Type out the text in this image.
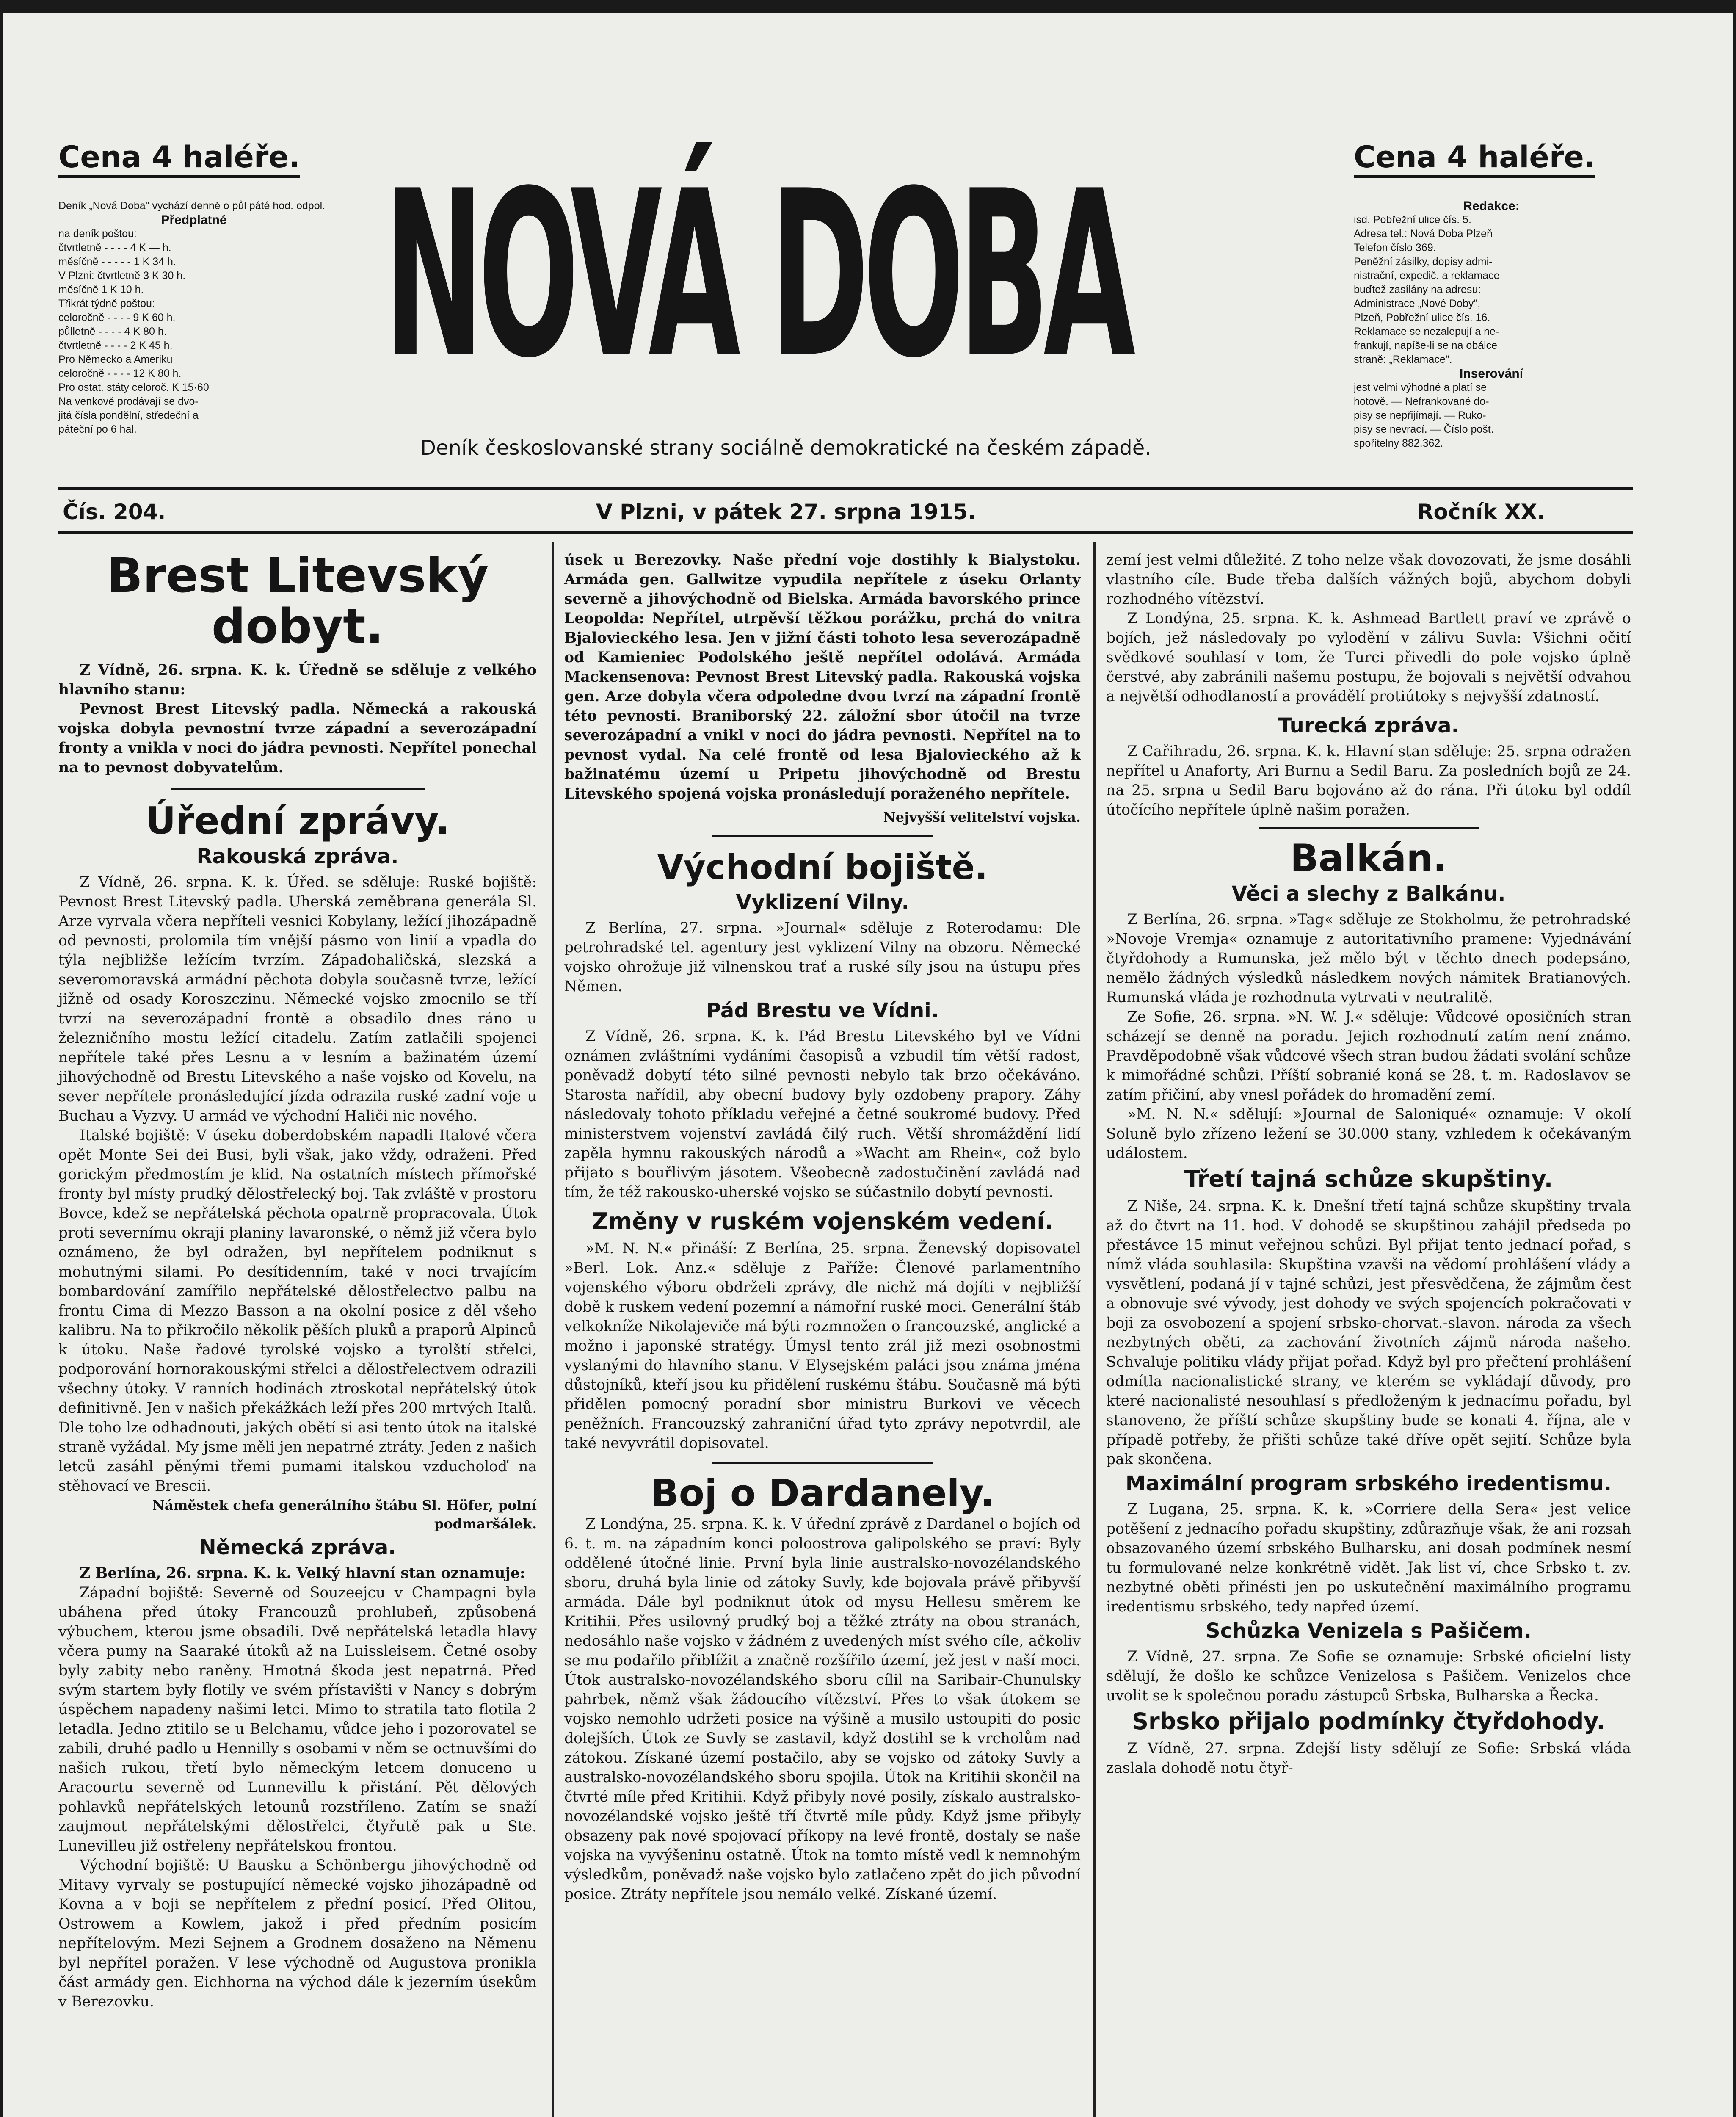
Cena 4 haléře.	Cena 4 haléře.
Deník „Nová Doba" vychází denně o půl páté hod. odpol.
Předplatné
na deník poštou:
čtvrtletně - - - - 4 K — h.
měsíčně - - - - - 1 K 34 h.
V Plzni: čtvrtletně 3 K 30 h.
měsíčně 1 K 10 h.
Třikrát týdně poštou:
celoročně - - - - 9 K 60 h.
půlletně - - - - 4 K 80 h.
čtvrtletně - - - - 2 K 45 h.
Pro Německo a Ameriku
celoročně - - - - 12 K 80 h.
Pro ostat. státy celoroč. K 15·60
Na venkově prodávají se dvo-
jitá čísla pondělní, středeční a
páteční po 6 hal.
Redakce:
isd. Pobřežní ulice čís. 5.
Adresa tel.: Nová Doba Plzeň
Telefon číslo 369.
Peněžní zásilky, dopisy admi-
nistrační, expedič. a reklamace
buďtež zasílány na adresu:
Administrace „Nové Doby",
Plzeň, Pobřežní ulice čís. 16.
Reklamace se nezalepují a ne-
frankují, napíše-li se na obálce
straně: „Reklamace".
Inserování
jest velmi výhodné a platí se
hotově. — Nefrankované do-
pisy se nepřijímají. — Ruko-
pisy se nevrací. — Číslo pošt.
spořitelny 882.362.
NOVÁ DOBA
Deník českoslovanské strany sociálně demokratické na českém západě.
Čís. 204.	V Plzni, v pátek 27. srpna 1915.	Ročník XX.
Brest Litevský dobyt.

Z Vídně, 26. srpna. K. k. Úředně se sděluje z velkého hlavního stanu:

Pevnost Brest Litevský padla. Německá a rakouská vojska dobyla pevnostní tvrze západní a severozápadní fronty a vnikla v noci do jádra pevnosti. Nepřítel ponechal na to pevnost dobyvatelům.

Úřední zprávy.
Rakouská zpráva.

Z Vídně, 26. srpna. K. k. Úřed. se sděluje: Ruské bojiště: Pevnost Brest Litevský padla. Uherská zeměbrana generála Sl. Arze vyrvala včera nepříteli vesnici Kobylany, ležící jihozápadně od pevnosti, prolomila tím vnější pásmo von linií a vpadla do týla nejbližše ležícím tvrzím. Západohaličská, slezská a severomoravská armádní pěchota dobyla současně tvrze, ležící jižně od osady Koroszczinu. Německé vojsko zmocnilo se tří tvrzí na severozápadní frontě a obsadilo dnes ráno u železničního mostu ležící citadelu. Zatím zatlačili spojenci nepřítele také přes Lesnu a v lesním a bažinatém území jihovýchodně od Brestu Litevského a naše vojsko od Kovelu, na sever nepřítele pronásledující jízda odrazila ruské zadní voje u Buchau a Vyzvy. U armád ve východní Haliči nic nového.

Italské bojiště: V úseku doberdobském napadli Italové včera opět Monte Sei dei Busi, byli však, jako vždy, odraženi. Před gorickým předmostím je klid. Na ostatních místech přímořské fronty byl místy prudký dělostřelecký boj. Tak zvláště v prostoru Bovce, kdež se nepřátelská pěchota opatrně propracovala. Útok proti severnímu okraji planiny lavaronské, o němž již včera bylo oznámeno, že byl odražen, byl nepřítelem podniknut s mohutnými silami. Po desítidenním, také v noci trvajícím bombardování zamířilo nepřátelské dělostřelectvo palbu na frontu Cima di Mezzo Basson a na okolní posice z děl všeho kalibru. Na to přikročilo několik pěších pluků a praporů Alpinců k útoku. Naše řadové tyrolské vojsko a tyrolští střelci, podporování hornorakouskými střelci a dělostřelectvem odrazili všechny útoky. V ranních hodinách ztroskotal nepřátelský útok definitivně. Jen v našich překážkách leží přes 200 mrtvých Italů. Dle toho lze odhadnouti, jakých obětí si asi tento útok na italské straně vyžádal. My jsme měli jen nepatrné ztráty. Jeden z našich letců zasáhl pěnými třemi pumami italskou vzducholoď na stěhovací ve Brescii.

Náměstek chefa generálního štábu Sl. Höfer, polní podmaršálek.

Německá zpráva.

Z Berlína, 26. srpna. K. k. Velký hlavní stan oznamuje:

Západní bojiště: Severně od Souzeejcu v Champagni byla ubáhena před útoky Francouzů prohlubeň, způsobená výbuchem, kterou jsme obsadili. Dvě nepřátelská letadla hlavy včera pumy na Saaraké útoků až na Luissleisem. Četné osoby byly zabity nebo raněny. Hmotná škoda jest nepatrná. Před svým startem byly flotily ve svém přístavišti v Nancy s dobrým úspěchem napadeny našimi letci. Mimo to stratila tato flotila 2 letadla. Jedno ztitilo se u Belchamu, vůdce jeho i pozorovatel se zabili, druhé padlo u Hennilly s osobami v něm se octnuvšími do našich rukou, třetí bylo německým letcem donuceno u Aracourtu severně od Lunnevillu k přistání. Pět dělových pohlavků nepřátelských letounů rozstříleno. Zatím se snaží zaujmout nepřátelskými dělostřelci, čtyřutě pak u Ste. Lunevilleu již ostřeleny nepřátelskou frontou.

Východní bojiště: U Bausku a Schönbergu jihovýchodně od Mitavy vyrvaly se postupující německé vojsko jihozápadně od Kovna a v boji se nepřítelem z přední posicí. Před Olitou, Ostrowem a Kowlem, jakož i před předním posicím nepřítelovým. Mezi Sejnem a Grodnem dosaženo na Němenu byl nepřítel poražen. V lese východně od Augustova pronikla část armády gen. Eichhorna na východ dále k jezerním úsekům v Berezovku.

úsek u Berezovky. Naše přední voje dostihly k Bialystoku. Armáda gen. Gallwitze vypudila nepřítele z úseku Orlanty severně a jihovýchodně od Bielska. Armáda bavorského prince Leopolda: Nepřítel, utrpěvší těžkou porážku, prchá do vnitra Bjalovieckého lesa. Jen v jižní části tohoto lesa severozápadně od Kamieniec Podolského ještě nepřítel odolává. Armáda Mackensenova: Pevnost Brest Litevský padla. Rakouská vojska gen. Arze dobyla včera odpoledne dvou tvrzí na západní frontě této pevnosti. Braniborský 22. záložní sbor útočil na tvrze severozápadní a vnikl v noci do jádra pevnosti. Nepřítel na to pevnost vydal. Na celé frontě od lesa Bjalovieckého až k bažinatému území u Pripetu jihovýchodně od Brestu Litevského spojená vojska pronásledují poraženého nepřítele.

Nejvyšší velitelství vojska.

Východní bojiště.
Vyklizení Vilny.

Z Berlína, 27. srpna. »Journal« sděluje z Roterodamu: Dle petrohradské tel. agentury jest vyklizení Vilny na obzoru. Německé vojsko ohrožuje již vilnenskou trať a ruské síly jsou na ústupu přes Němen.

Pád Brestu ve Vídni.

Z Vídně, 26. srpna. K. k. Pád Brestu Litevského byl ve Vídni oznámen zvláštními vydáními časopisů a vzbudil tím větší radost, poněvadž dobytí této silné pevnosti nebylo tak brzo očekáváno. Starosta nařídil, aby obecní budovy byly ozdobeny prapory. Záhy následovaly tohoto příkladu veřejné a četné soukromé budovy. Před ministerstvem vojenství zavládá čilý ruch. Větší shromáždění lidí zapěla hymnu rakouských národů a »Wacht am Rhein«, což bylo přijato s bouřlivým jásotem. Všeobecně zadostučinění zavládá nad tím, že též rakousko-uherské vojsko se súčastnilo dobytí pevnosti.

Změny v ruském vojenském vedení.

»M. N. N.« přináší: Z Berlína, 25. srpna. Ženevský dopisovatel »Berl. Lok. Anz.« sděluje z Paříže: Členové parlamentního vojenského výboru obdrželi zprávy, dle nichž má dojíti v nejbližší době k ruskem vedení pozemní a námořní ruské moci. Generální štáb velkokníže Nikolajeviče má býti rozmnožen o francouzské, anglické a možno i japonské stratégy. Úmysl tento zrál již mezi osobnostmi vyslanými do hlavního stanu. V Elysejském paláci jsou známa jména důstojníků, kteří jsou ku přidělení ruskému štábu. Současně má býti přidělen pomocný poradní sbor ministru Burkovi ve věcech peněžních. Francouzský zahraniční úřad tyto zprávy nepotvrdil, ale také nevyvrátil dopisovatel.

Boj o Dardanely.

Z Londýna, 25. srpna. K. k. V úřední zprávě z Dardanel o bojích od 6. t. m. na západním konci poloostrova galipolského se praví: Byly oddělené útočné linie. První byla linie australsko-novozélandského sboru, druhá byla linie od zátoky Suvly, kde bojovala právě přibyvší armáda. Dále byl podniknut útok od mysu Hellesu směrem ke Kritihii. Přes usilovný prudký boj a těžké ztráty na obou stranách, nedosáhlo naše vojsko v žádném z uvedených míst svého cíle, ačkoliv se mu podařilo přiblížit a značně rozšířilo území, jež jest v naší moci. Útok australsko-novozélandského sboru cílil na Saribair-Chunulsky pahrbek, němž však žádoucího vítězství. Přes to však útokem se vojsko nemohlo udržeti posice na výšině a musilo ustoupiti do posic dolejších. Útok ze Suvly se zastavil, když dostihl se k vrcholům nad zátokou. Získané území postačilo, aby se vojsko od zátoky Suvly a australsko-novozélandského sboru spojila. Útok na Kritihii skončil na čtvrté míle před Kritihii. Když přibyly nové posily, získalo australsko-novozélandské vojsko ještě tří čtvrtě míle půdy. Když jsme přibyly obsazeny pak nové spojovací příkopy na levé frontě, dostaly se naše vojska na vyvýšeninu ostatně. Útok na tomto místě vedl k nemnohým výsledkům, poněvadž naše vojsko bylo zatlačeno zpět do jich původní posice. Ztráty nepřítele jsou nemálo velké. Získané území.

zemí jest velmi důležité. Z toho nelze však dovozovati, že jsme dosáhli vlastního cíle. Bude třeba dalších vážných bojů, abychom dobyli rozhodného vítězství.

Z Londýna, 25. srpna. K. k. Ashmead Bartlett praví ve zprávě o bojích, jež následovaly po vylodění v zálivu Suvla: Všichni očití svědkové souhlasí v tom, že Turci přivedli do pole vojsko úplně čerstvé, aby zabránili našemu postupu, že bojovali s největší odvahou a největší odhodlaností a provádělí protiútoky s nejvyšší zdatností.

Turecká zpráva.

Z Cařihradu, 26. srpna. K. k. Hlavní stan sděluje: 25. srpna odražen nepřítel u Anaforty, Ari Burnu a Sedil Baru. Za posledních bojů ze 24. na 25. srpna u Sedil Baru bojováno až do rána. Při útoku byl oddíl útočícího nepřítele úplně našim poražen.

Balkán.
Věci a slechy z Balkánu.

Z Berlína, 26. srpna. »Tag« sděluje ze Stokholmu, že petrohradské »Novoje Vremja« oznamuje z autoritativního pramene: Vyjednávání čtyřdohody a Rumunska, jež mělo být v těchto dnech podepsáno, nemělo žádných výsledků následkem nových námitek Bratianových. Rumunská vláda je rozhodnuta vytrvati v neutralitě.

Ze Sofie, 26. srpna. »N. W. J.« sděluje: Vůdcové oposičních stran scházejí se denně na poradu. Jejich rozhodnutí zatím není známo. Pravděpodobně však vůdcové všech stran budou žádati svolání schůze k mimořádné schůzi. Příští sobranié koná se 28. t. m. Radoslavov se zatím přičiní, aby vnesl pořádek do hromadění zemí.

»M. N. N.« sdělují: »Journal de Saloniqué« oznamuje: V okolí Soluně bylo zřízeno ležení se 30.000 stany, vzhledem k očekávaným událostem.

Třetí tajná schůze skupštiny.

Z Niše, 24. srpna. K. k. Dnešní třetí tajná schůze skupštiny trvala až do čtvrt na 11. hod. V dohodě se skupštinou zahájil předseda po přestávce 15 minut veřejnou schůzi. Byl přijat tento jednací pořad, s nímž vláda souhlasila: Skupština vzavši na vědomí prohlášení vlády a vysvětlení, podaná jí v tajné schůzi, jest přesvědčena, že zájmům čest a obnovuje své vývody, jest dohody ve svých spojencích pokračovati v boji za osvobození a spojení srbsko-chorvat.-slavon. národa za všech nezbytných oběti, za zachování životních zájmů národa našeho. Schvaluje politiku vlády přijat pořad. Když byl pro přečtení prohlášení odmítla nacionalistické strany, ve kterém se vykládají důvody, pro které nacionalisté nesouhlasí s předloženým k jednacímu pořadu, byl stanoveno, že příští schůze skupštiny bude se konati 4. října, ale v případě potřeby, že přišti schůze také dříve opět sejití. Schůze byla pak skončena.

Maximální program srbského iredentismu.

Z Lugana, 25. srpna. K. k. »Corriere della Sera« jest velice potěšení z jednacího pořadu skupštiny, zdůrazňuje však, že ani rozsah obsazovaného území srbského Bulharsku, ani dosah podmínek nesmí tu formulované nelze konkrétně vidět. Jak list ví, chce Srbsko t. zv. nezbytné oběti přinésti jen po uskutečnění maximálního programu iredentismu srbského, tedy napřed území.

Schůzka Venizela s Pašičem.

Z Vídně, 27. srpna. Ze Sofie se oznamuje: Srbské oficielní listy sdělují, že došlo ke schůzce Venizelosa s Pašičem. Venizelos chce uvolit se k společnou poradu zástupců Srbska, Bulharska a Řecka.

Srbsko přijalo podmínky čtyřdohody.

Z Vídně, 27. srpna. Zdejší listy sdělují ze Sofie: Srbská vláda zaslala dohodě notu čtyř-
